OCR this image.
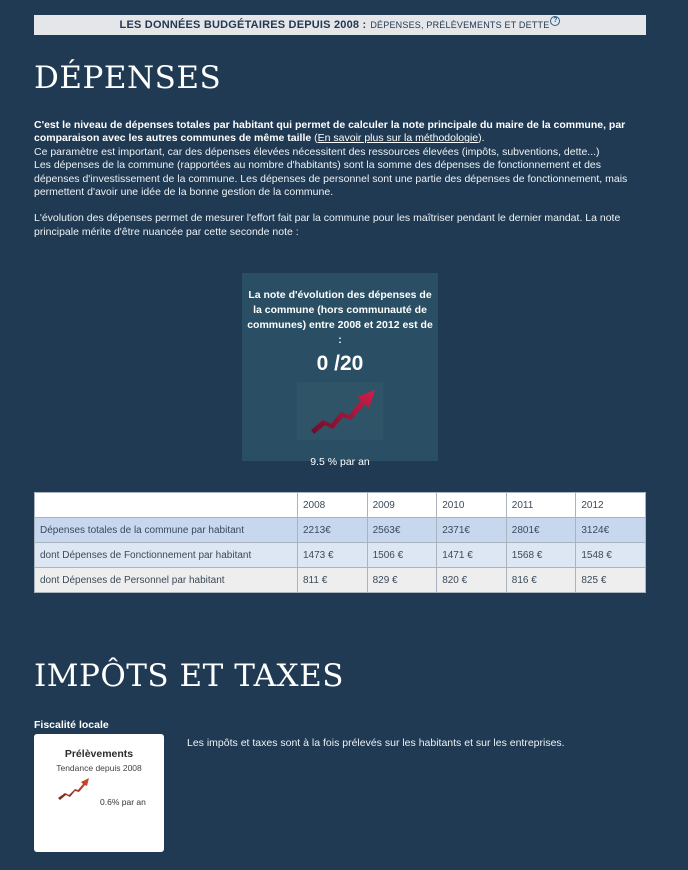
LES DONNÉES BUDGÉTAIRES DEPUIS 2008 : DÉPENSES, PRÉLÈVEMENTS ET DETTE ?
DÉPENSES

C'est le niveau de dépenses totales par habitant qui permet de calculer la note principale du maire de la commune, par comparaison avec les autres communes de même taille (En savoir plus sur la méthodologie).

Ce paramètre est important, car des dépenses élevées nécessitent des ressources élevées (impôts, subventions, dette...)

Les dépenses de la commune (rapportées au nombre d'habitants) sont la somme des dépenses de fonctionnement et des dépenses d'investissement de la commune. Les dépenses de personnel sont une partie des dépenses de fonctionnement, mais permettent d'avoir une idée de la bonne gestion de la commune.

L'évolution des dépenses permet de mesurer l'effort fait par la commune pour les maîtriser pendant le dernier mandat. La note principale mérite d'être nuancée par cette seconde note :

La note d'évolution des dépenses de la commune (hors communauté de communes) entre 2008 et 2012 est de :
0 /20
9.5 % par an
	2008	2009	2010	2011	2012
Dépenses totales de la commune par habitant	2213€	2563€	2371€	2801€	3124€
dont Dépenses de Fonctionnement par habitant	1473 €	1506 €	1471 €	1568 €	1548 €
dont Dépenses de Personnel par habitant	811 €	829 €	820 €	816 €	825 €
IMPÔTS ET TAXES
Fiscalité locale
Prélèvements
Tendance depuis 2008
0.6% par an
Les impôts et taxes sont à la fois prélevés sur les habitants et sur les entreprises.
